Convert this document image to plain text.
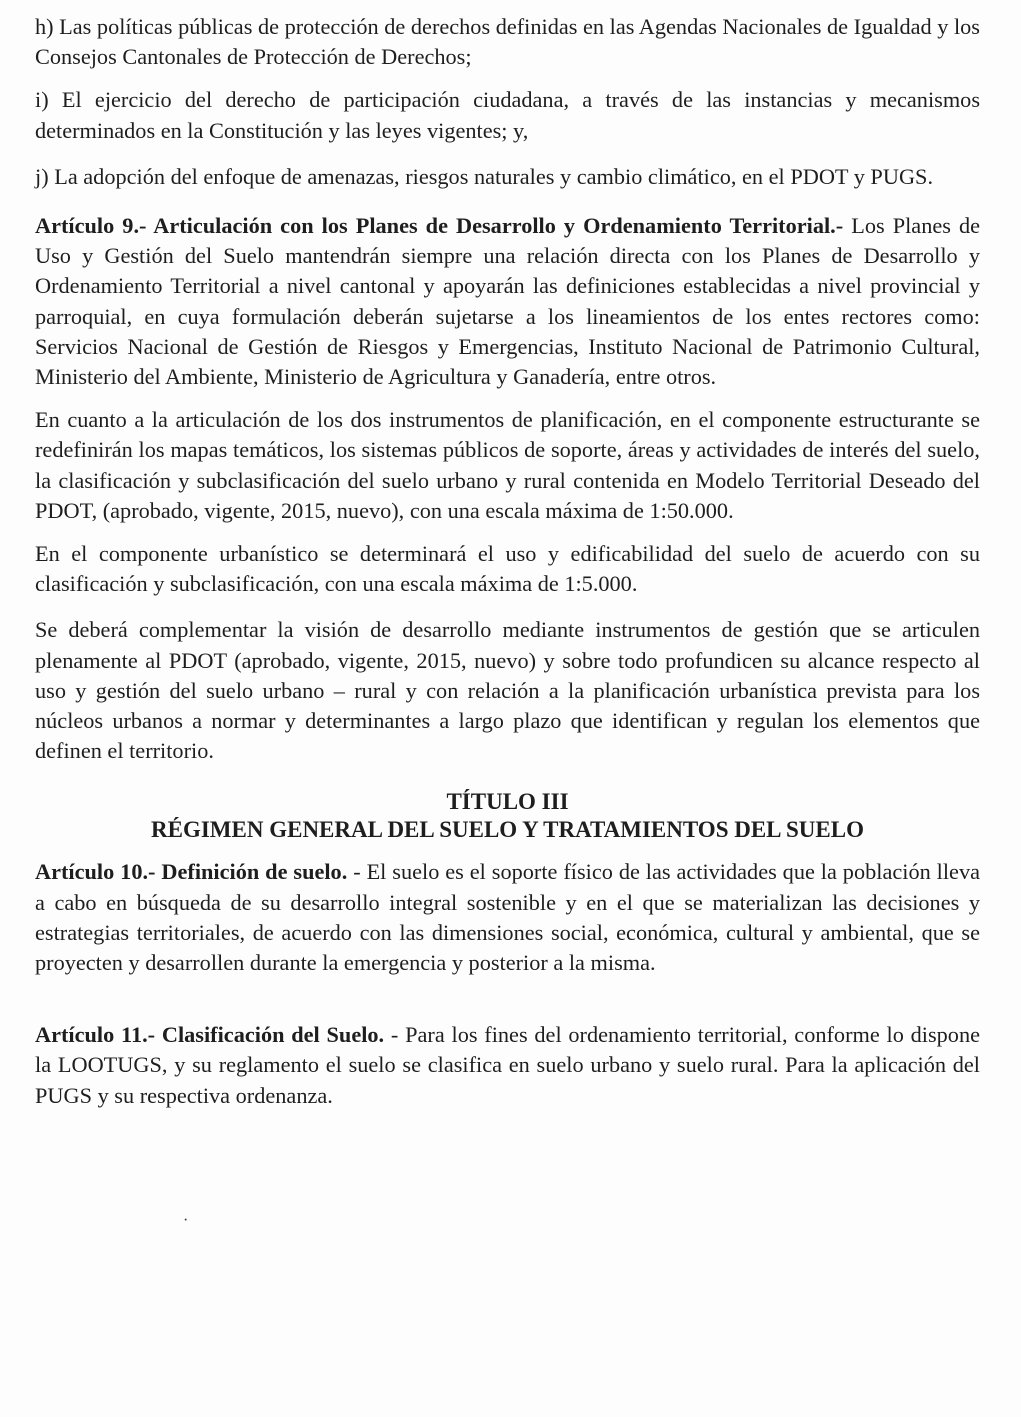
h) Las políticas públicas de protección de derechos definidas en las Agendas Nacionales de Igualdad y los Consejos Cantonales de Protección de Derechos;

i) El ejercicio del derecho de participación ciudadana, a través de las instancias y mecanismos determinados en la Constitución y las leyes vigentes; y,

j) La adopción del enfoque de amenazas, riesgos naturales y cambio climático, en el PDOT y PUGS.

Artículo 9.- Articulación con los Planes de Desarrollo y Ordenamiento Territorial.- Los Planes de Uso y Gestión del Suelo mantendrán siempre una relación directa con los Planes de Desarrollo y Ordenamiento Territorial a nivel cantonal y apoyarán las definiciones establecidas a nivel provincial y parroquial, en cuya formulación deberán sujetarse a los lineamientos de los entes rectores como: Servicios Nacional de Gestión de Riesgos y Emergencias, Instituto Nacional de Patrimonio Cultural, Ministerio del Ambiente, Ministerio de Agricultura y Ganadería, entre otros.

En cuanto a la articulación de los dos instrumentos de planificación, en el componente estructurante se redefinirán los mapas temáticos, los sistemas públicos de soporte, áreas y actividades de interés del suelo, la clasificación y subclasificación del suelo urbano y rural contenida en Modelo Territorial Deseado del PDOT, (aprobado, vigente, 2015, nuevo), con una escala máxima de 1:50.000.

En el componente urbanístico se determinará el uso y edificabilidad del suelo de acuerdo con su clasificación y subclasificación, con una escala máxima de 1:5.000.

Se deberá complementar la visión de desarrollo mediante instrumentos de gestión que se articulen plenamente al PDOT (aprobado, vigente, 2015, nuevo) y sobre todo profundicen su alcance respecto al uso y gestión del suelo urbano – rural y con relación a la planificación urbanística prevista para los núcleos urbanos a normar y determinantes a largo plazo que identifican y regulan los elementos que definen el territorio.

TÍTULO III

RÉGIMEN GENERAL DEL SUELO Y TRATAMIENTOS DEL SUELO

Artículo 10.- Definición de suelo. - El suelo es el soporte físico de las actividades que la población lleva a cabo en búsqueda de su desarrollo integral sostenible y en el que se materializan las decisiones y estrategias territoriales, de acuerdo con las dimensiones social, económica, cultural y ambiental, que se proyecten y desarrollen durante la emergencia y posterior a la misma.

Artículo 11.- Clasificación del Suelo. - Para los fines del ordenamiento territorial, conforme lo dispone la LOOTUGS, y su reglamento el suelo se clasifica en suelo urbano y suelo rural. Para la aplicación del PUGS y su respectiva ordenanza.

·
